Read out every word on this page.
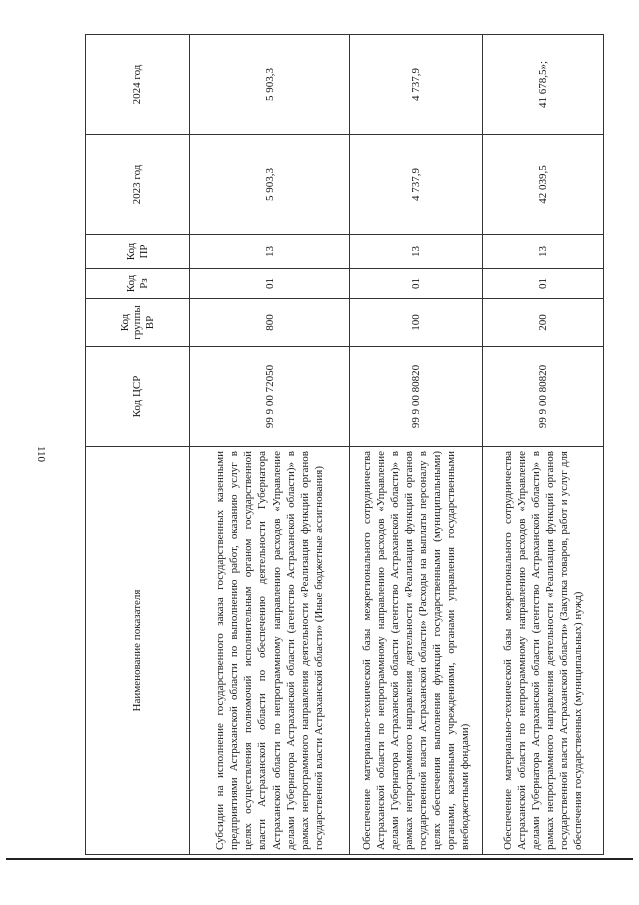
110
Наименование показателя	Код ЦСР	Код группы ВР	Код Рз	Код ПР	2023 год	2024 год
Субсидии на исполнение государственного заказа государственных казенными предприятиями Астраханской области по выполнению работ, оказанию услуг в целях осуществления полномочий исполнительным органом государственной власти Астраханской области по обеспечению деятельности Губернатора Астраханской области по непрограммному направлению расходов «Управление делами Губернатора Астраханской области (агентство Астраханской области)» в рамках непрограммного направления деятельности «Реализация функций органов государственной власти Астраханской области» (Иные бюджетные ассигнования)	99 9 00 72050	800	01	13	5 903,3	5 903,3
Обеспечение материально-технической базы межрегионального сотрудничества Астраханской области по непрограммному направлению расходов «Управление делами Губернатора Астраханской области (агентство Астраханской области)» в рамках непрограммного направления деятельности «Реализация функций органов государственной власти Астраханской области» (Расходы на выплаты персоналу в целях обеспечения выполнения функций государственными (муниципальными) органами, казенными учреждениями, органами управления государственными внебюджетными фондами)	99 9 00 80820	100	01	13	4 737,9	4 737,9
Обеспечение материально-технической базы межрегионального сотрудничества Астраханской области по непрограммному направлению расходов «Управление делами Губернатора Астраханской области (агентство Астраханской области)» в рамках непрограммного направления деятельности «Реализация функций органов государственной власти Астраханской области» (Закупка товаров, работ и услуг для обеспечения государственных (муниципальных) нужд)	99 9 00 80820	200	01	13	42 039,5	41 678,5»;
